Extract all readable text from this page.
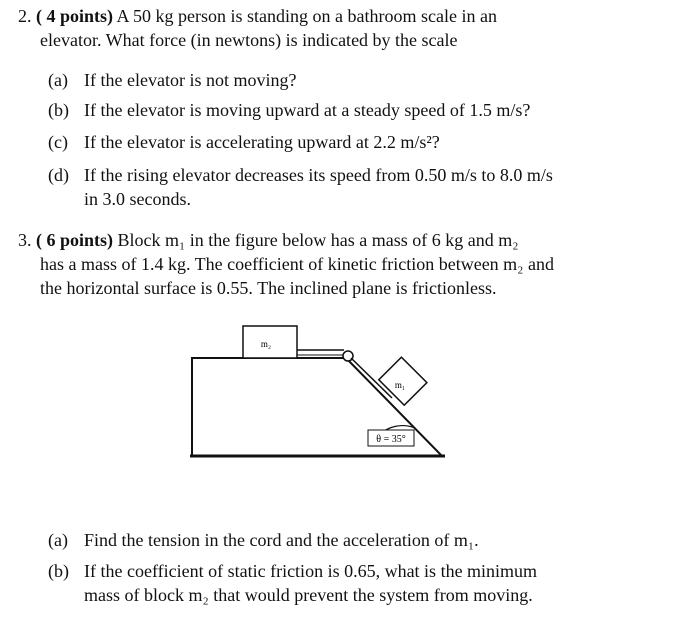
2. ( 4 points) A 50 kg person is standing on a bathroom scale in an
elevator. What force (in newtons) is indicated by the scale
(a) If the elevator is not moving?
(b) If the elevator is moving upward at a steady speed of 1.5 m/s?
(c) If the elevator is accelerating upward at 2.2 m/s²?
(d) If the rising elevator decreases its speed from 0.50 m/s to 8.0 m/s
in 3.0 seconds.
3. ( 6 points) Block m₁ in the figure below has a mass of 6 kg and m₂
has a mass of 1.4 kg. The coefficient of kinetic friction between m₂ and
the horizontal surface is 0.55. The inclined plane is frictionless.
m₂
m₁
θ = 35°
(a) Find the tension in the cord and the acceleration of m₁.
(b) If the coefficient of static friction is 0.65, what is the minimum
mass of block m₂ that would prevent the system from moving.
